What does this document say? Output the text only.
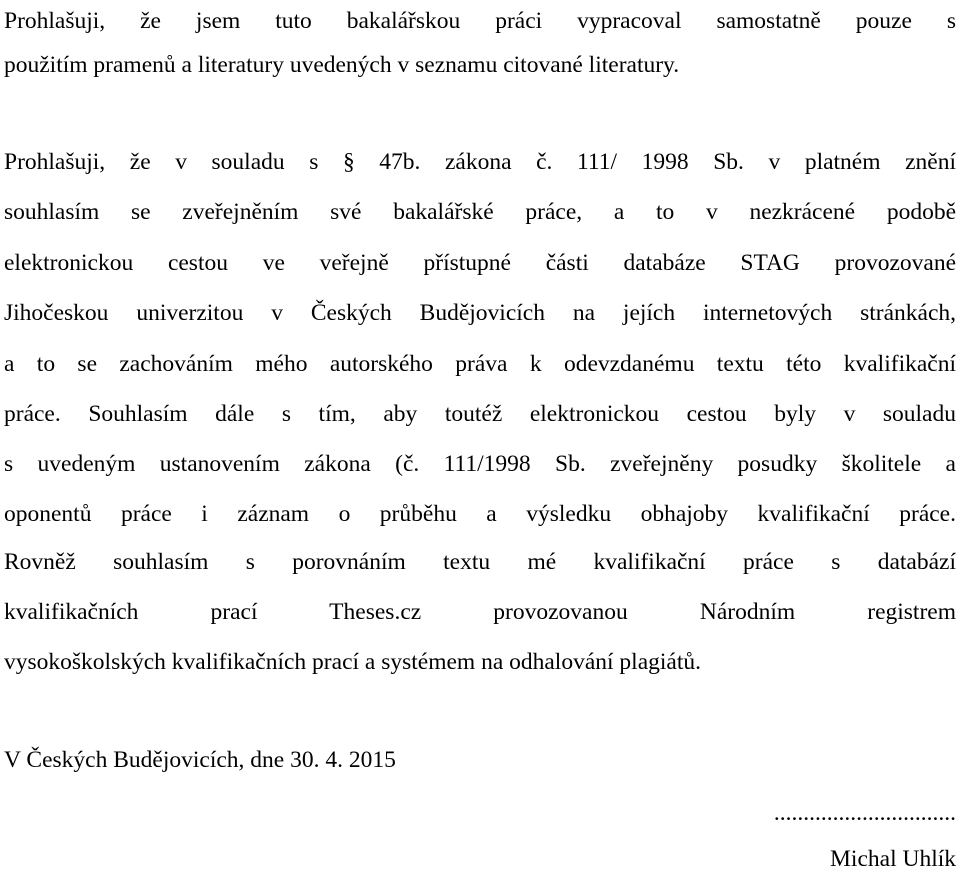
Prohlašuji, že jsem tuto bakalářskou práci vypracoval samostatně pouze s
použitím pramenů a literatury uvedených v seznamu citované literatury.
Prohlašuji, že v souladu s § 47b. zákona č. 111/ 1998 Sb. v platném znění
souhlasím se zveřejněním své bakalářské práce, a to v nezkrácené podobě
elektronickou cestou ve veřejně přístupné části databáze STAG provozované
Jihočeskou univerzitou v Českých Budějovicích na jejích internetových stránkách,
a to se zachováním mého autorského práva k odevzdanému textu této kvalifikační
práce. Souhlasím dále s tím, aby toutéž elektronickou cestou byly v souladu
s uvedeným ustanovením zákona (č. 111/1998 Sb. zveřejněny posudky školitele a
oponentů práce i záznam o průběhu a výsledku obhajoby kvalifikační práce.
Rovněž souhlasím s porovnáním textu mé kvalifikační práce s databází
kvalifikačních prací Theses.cz provozovanou Národním registrem
vysokoškolských kvalifikačních prací a systémem na odhalování plagiátů.
V Českých Budějovicích, dne 30. 4. 2015
...............................
Michal Uhlík
